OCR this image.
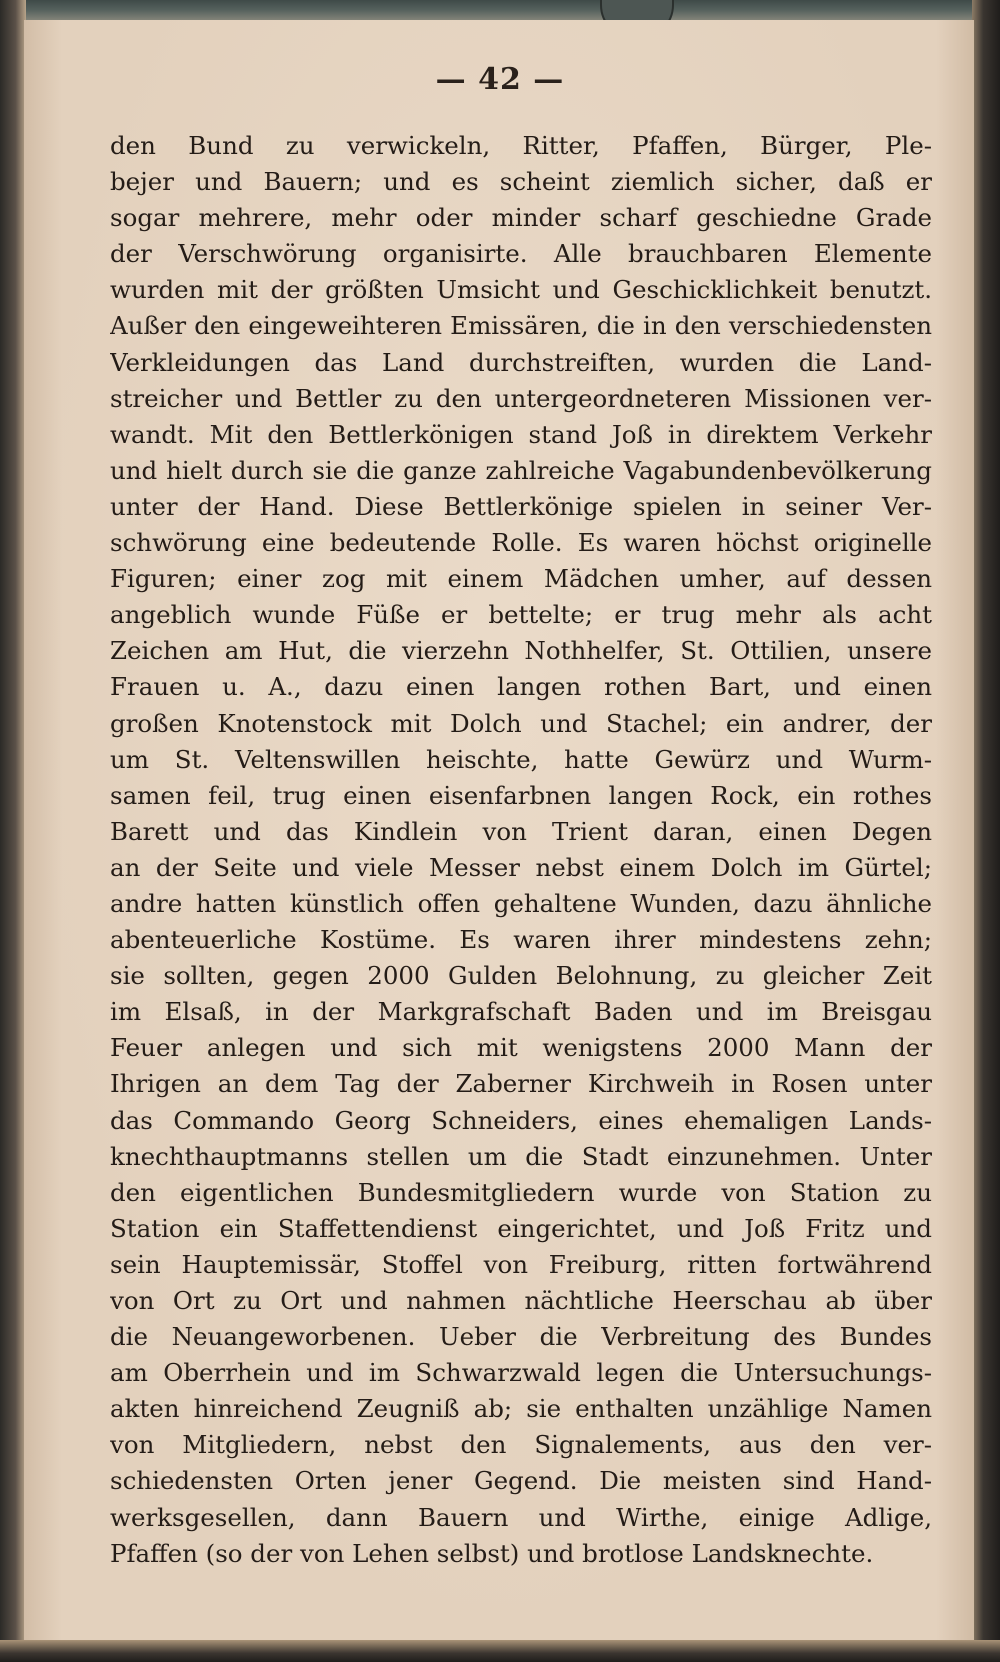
— 42 —
den Bund zu verwickeln, Ritter, Pfaffen, Bürger, Ple-
bejer und Bauern; und es scheint ziemlich sicher, daß er
sogar mehrere, mehr oder minder scharf geschiedne Grade
der Verschwörung organisirte. Alle brauchbaren Elemente
wurden mit der größten Umsicht und Geschicklichkeit benutzt.
Außer den eingeweihteren Emissären, die in den verschiedensten
Verkleidungen das Land durchstreiften, wurden die Land-
streicher und Bettler zu den untergeordneteren Missionen ver-
wandt. Mit den Bettlerkönigen stand Joß in direktem Verkehr
und hielt durch sie die ganze zahlreiche Vagabundenbevölkerung
unter der Hand. Diese Bettlerkönige spielen in seiner Ver-
schwörung eine bedeutende Rolle. Es waren höchst originelle
Figuren; einer zog mit einem Mädchen umher, auf dessen
angeblich wunde Füße er bettelte; er trug mehr als acht
Zeichen am Hut, die vierzehn Nothhelfer, St. Ottilien, unsere
Frauen u. A., dazu einen langen rothen Bart, und einen
großen Knotenstock mit Dolch und Stachel; ein andrer, der
um St. Veltenswillen heischte, hatte Gewürz und Wurm-
samen feil, trug einen eisenfarbnen langen Rock, ein rothes
Barett und das Kindlein von Trient daran, einen Degen
an der Seite und viele Messer nebst einem Dolch im Gürtel;
andre hatten künstlich offen gehaltene Wunden, dazu ähnliche
abenteuerliche Kostüme. Es waren ihrer mindestens zehn;
sie sollten, gegen 2000 Gulden Belohnung, zu gleicher Zeit
im Elsaß, in der Markgrafschaft Baden und im Breisgau
Feuer anlegen und sich mit wenigstens 2000 Mann der
Ihrigen an dem Tag der Zaberner Kirchweih in Rosen unter
das Commando Georg Schneiders, eines ehemaligen Lands-
knechthauptmanns stellen um die Stadt einzunehmen. Unter
den eigentlichen Bundesmitgliedern wurde von Station zu
Station ein Staffettendienst eingerichtet, und Joß Fritz und
sein Hauptemissär, Stoffel von Freiburg, ritten fortwährend
von Ort zu Ort und nahmen nächtliche Heerschau ab über
die Neuangeworbenen. Ueber die Verbreitung des Bundes
am Oberrhein und im Schwarzwald legen die Untersuchungs-
akten hinreichend Zeugniß ab; sie enthalten unzählige Namen
von Mitgliedern, nebst den Signalements, aus den ver-
schiedensten Orten jener Gegend. Die meisten sind Hand-
werksgesellen, dann Bauern und Wirthe, einige Adlige,
Pfaffen (so der von Lehen selbst) und brotlose Landsknechte.
